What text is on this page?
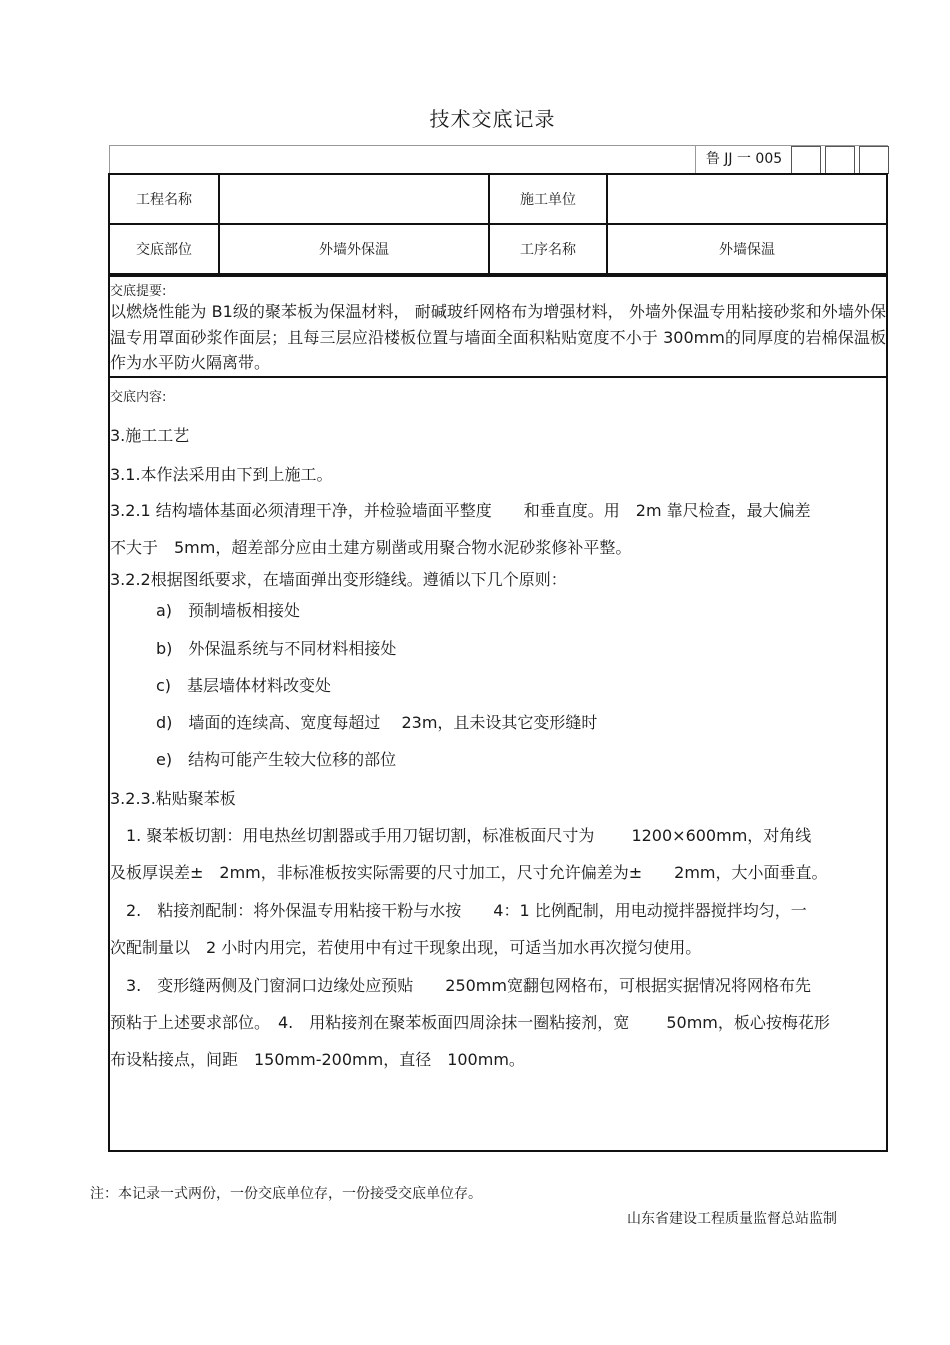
技术交底记录
鲁 JJ 一 005
工程名称		施工单位	
交底部位	外墙外保温	工序名称	外墙保温

交底提要:

以燃烧性能为 B1级的聚苯板为保温材料， 耐碱玻纤网格布为增强材料， 外墙外保温专用粘接砂浆和外墙外保温专用罩面砂浆作面层；且每三层应沿楼板位置与墙面全面积粘贴宽度不小于 300mm的同厚度的岩棉保温板作为水平防火隔离带。

交底内容:

3.施工工艺
3.1.本作法采用由下到上施工。
3.2.1 结构墙体基面必须清理干净，并检验墙面平整度　　和垂直度。用　2m 靠尺检查，最大偏差
不大于　5mm，超差部分应由土建方剔凿或用聚合物水泥砂浆修补平整。
3.2.2根据图纸要求，在墙面弹出变形缝线。遵循以下几个原则：
a)　预制墙板相接处
b)　外保温系统与不同材料相接处
c)　基层墙体材料改变处
d)　墙面的连续高、宽度每超过　 23m，且未设其它变形缝时
e)　结构可能产生较大位移的部位
3.2.3.粘贴聚苯板
　1. 聚苯板切割：用电热丝切割器或手用刀锯切割，标准板面尺寸为　　 1200×600mm，对角线
及板厚误差±　2mm，非标准板按实际需要的尺寸加工，尺寸允许偏差为±　　2mm，大小面垂直。
　2.　粘接剂配制：将外保温专用粘接干粉与水按　　4：1 比例配制，用电动搅拌器搅拌均匀，一
次配制量以　2 小时内用完，若使用中有过干现象出现，可适当加水再次搅匀使用。
　3.　变形缝两侧及门窗洞口边缘处应预贴　　250mm宽翻包网格布，可根据实据情况将网格布先
预粘于上述要求部位。　4.　用粘接剂在聚苯板面四周涂抹一圈粘接剂，宽　　 50mm，板心按梅花形
布设粘接点，间距　150mm-200mm，直径　100mm。
注：本记录一式两份，一份交底单位存，一份接受交底单位存。
山东省建设工程质量监督总站监制
